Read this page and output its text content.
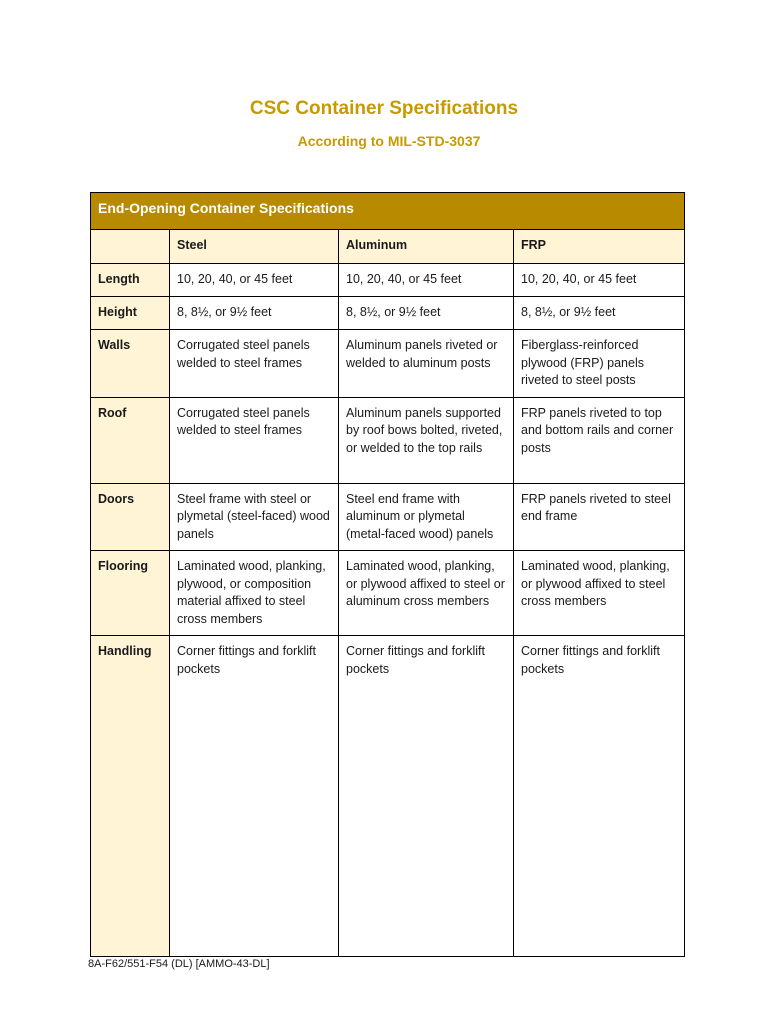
CSC Container Specifications
According to MIL-STD-3037
End-Opening Container Specifications			
	Steel	Aluminum	FRP
Length	10, 20, 40, or 45 feet	10, 20, 40, or 45 feet	10, 20, 40, or 45 feet
Height	8, 8½, or 9½ feet	8, 8½, or 9½ feet	8, 8½, or 9½ feet
Walls	Corrugated steel panels welded to steel frames	Aluminum panels riveted or welded to aluminum posts	Fiberglass-reinforced plywood (FRP) panels riveted to steel posts
Roof	Corrugated steel panels welded to steel frames	Aluminum panels supported by roof bows bolted, riveted, or welded to the top rails	FRP panels riveted to top and bottom rails and corner posts
Doors	Steel frame with steel or plymetal (steel-faced) wood panels	Steel end frame with aluminum or plymetal (metal-faced wood) panels	FRP panels riveted to steel end frame
Flooring	Laminated wood, planking, plywood, or composition material affixed to steel cross members	Laminated wood, planking, or plywood affixed to steel or aluminum cross members	Laminated wood, planking, or plywood affixed to steel cross members
Handling	Corner fittings and forklift pockets	Corner fittings and forklift pockets	Corner fittings and forklift pockets
8A-F62/551-F54 (DL) [AMMO-43-DL]
